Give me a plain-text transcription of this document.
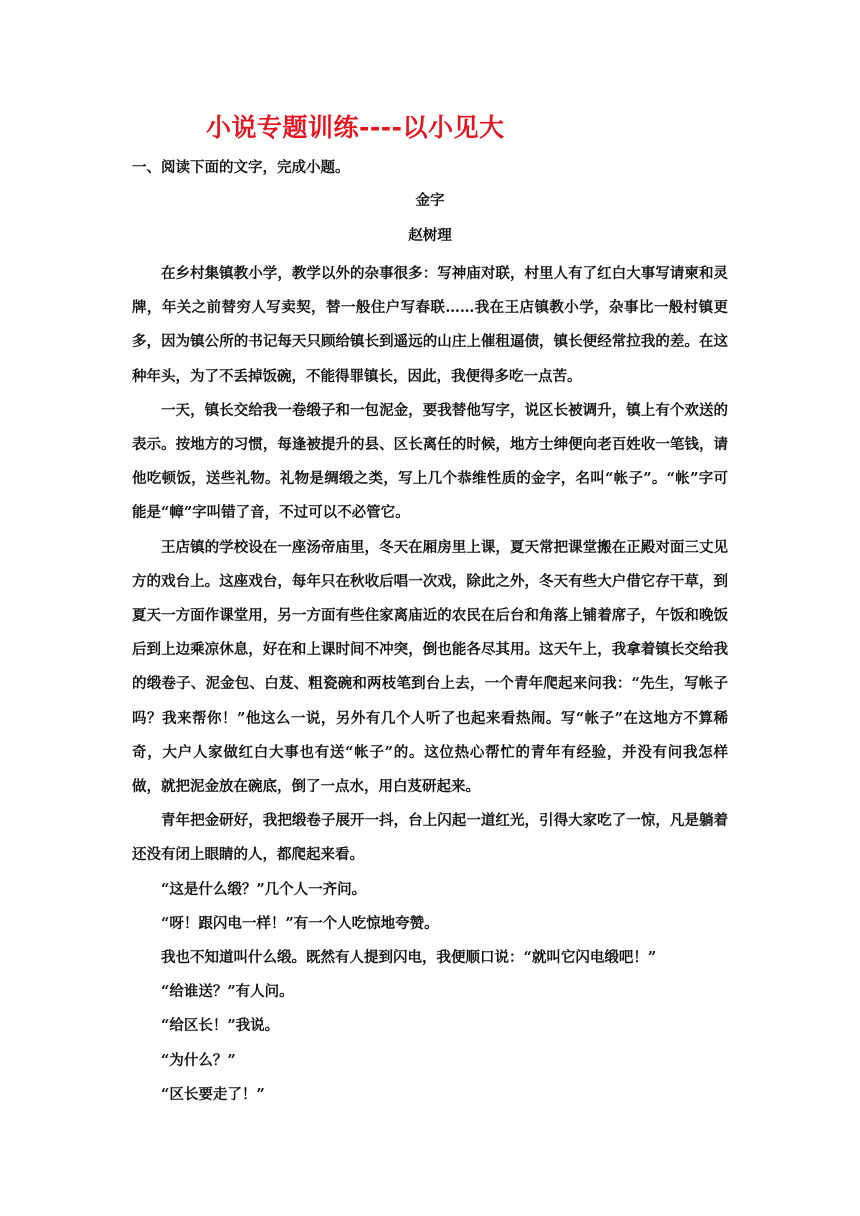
小说专题训练----以小见大
一、阅读下面的文字，完成小题。
金字
赵树理

在乡村集镇教小学，教学以外的杂事很多：写神庙对联，村里人有了红白大事写请柬和灵牌，年关之前替穷人写卖契，替一般住户写春联……我在王店镇教小学，杂事比一般村镇更多，因为镇公所的书记每天只顾给镇长到遥远的山庄上催租逼债，镇长便经常拉我的差。在这种年头，为了不丢掉饭碗，不能得罪镇长，因此，我便得多吃一点苦。

一天，镇长交给我一卷缎子和一包泥金，要我替他写字，说区长被调升，镇上有个欢送的表示。按地方的习惯，每逢被提升的县、区长离任的时候，地方士绅便向老百姓收一笔钱，请他吃顿饭，送些礼物。礼物是绸缎之类，写上几个恭维性质的金字，名叫“帐子”。“帐”字可能是“幛”字叫错了音，不过可以不必管它。

王店镇的学校设在一座汤帝庙里，冬天在厢房里上课，夏天常把课堂搬在正殿对面三丈见方的戏台上。这座戏台，每年只在秋收后唱一次戏，除此之外，冬天有些大户借它存干草，到夏天一方面作课堂用，另一方面有些住家离庙近的农民在后台和角落上铺着席子，午饭和晚饭后到上边乘凉休息，好在和上课时间不冲突，倒也能各尽其用。这天午上，我拿着镇长交给我的缎卷子、泥金包、白芨、粗瓷碗和两枝笔到台上去，一个青年爬起来问我：“先生，写帐子吗？我来帮你！”他这么一说，另外有几个人听了也起来看热闹。写“帐子”在这地方不算稀奇，大户人家做红白大事也有送“帐子”的。这位热心帮忙的青年有经验，并没有问我怎样做，就把泥金放在碗底，倒了一点水，用白芨研起来。

青年把金研好，我把缎卷子展开一抖，台上闪起一道红光，引得大家吃了一惊，凡是躺着还没有闭上眼睛的人，都爬起来看。

“这是什么缎？”几个人一齐问。

“呀！跟闪电一样！”有一个人吃惊地夸赞。

我也不知道叫什么缎。既然有人提到闪电，我便顺口说：“就叫它闪电缎吧！”

“给谁送？”有人问。

“给区长！”我说。

“为什么？”

“区长要走了！”
